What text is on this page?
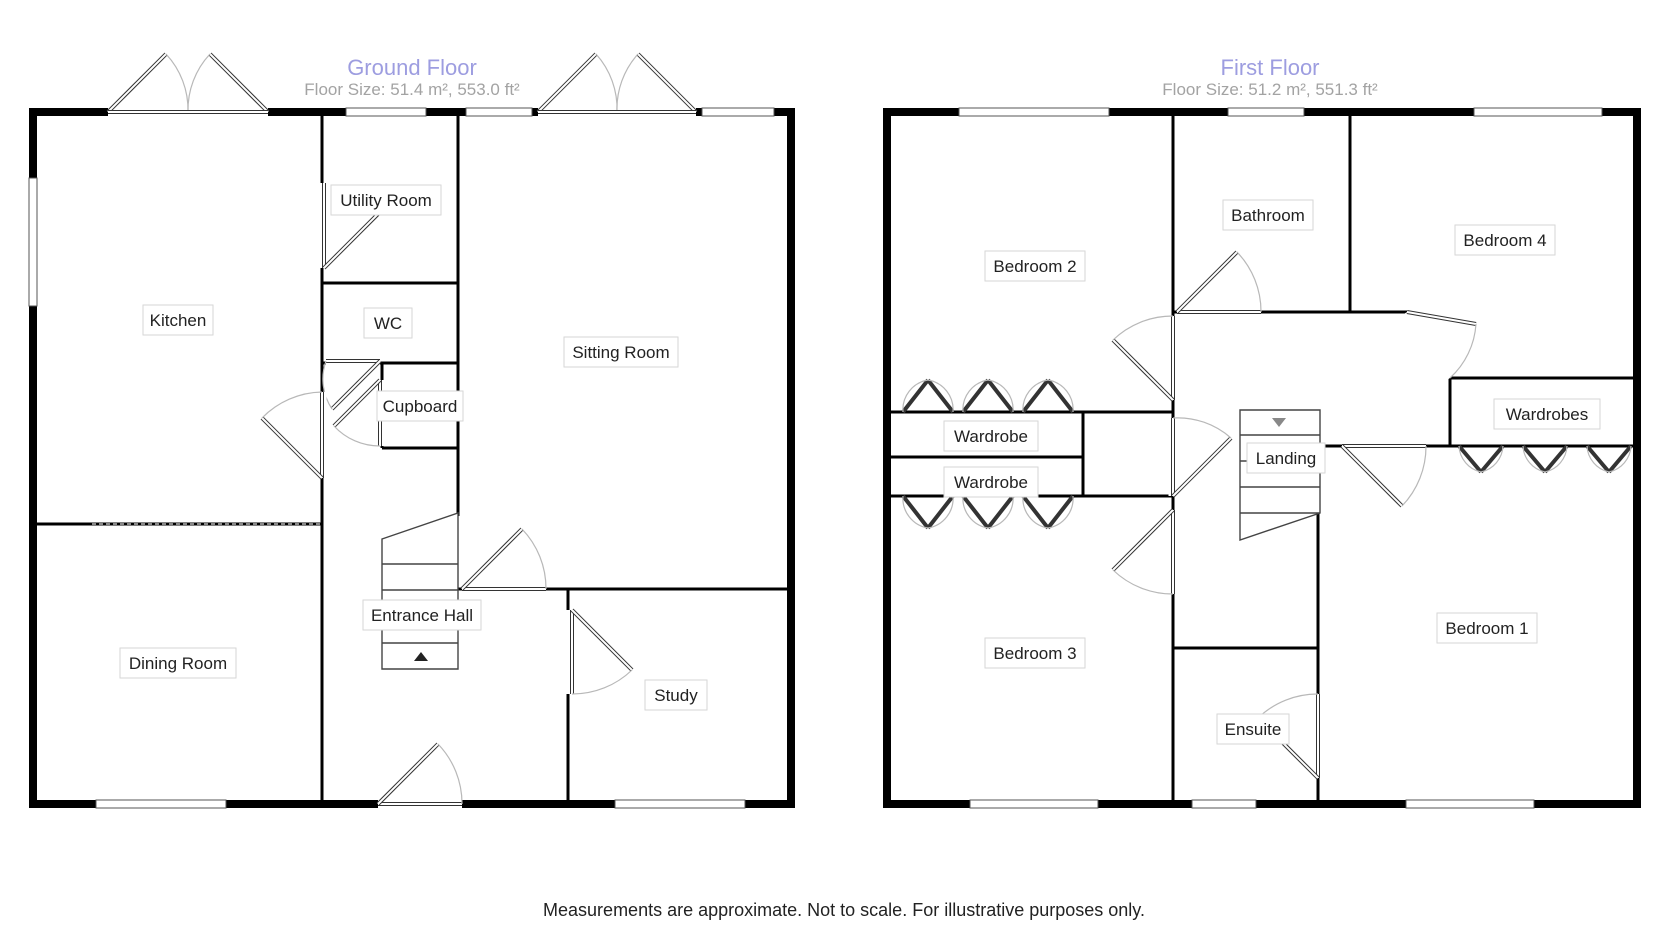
Ground Floor
Floor Size: 51.4 m², 553.0 ft²
Kitchen
Utility Room
WC
Cupboard
Sitting Room
Dining Room
Entrance Hall
Study
First Floor
Floor Size: 51.2 m², 551.3 ft²
Bedroom 2
Bathroom
Bedroom 4
Wardrobe
Wardrobe
Wardrobes
Landing
Bedroom 3
Bedroom 1
Ensuite
Measurements are approximate. Not to scale. For illustrative purposes only.
